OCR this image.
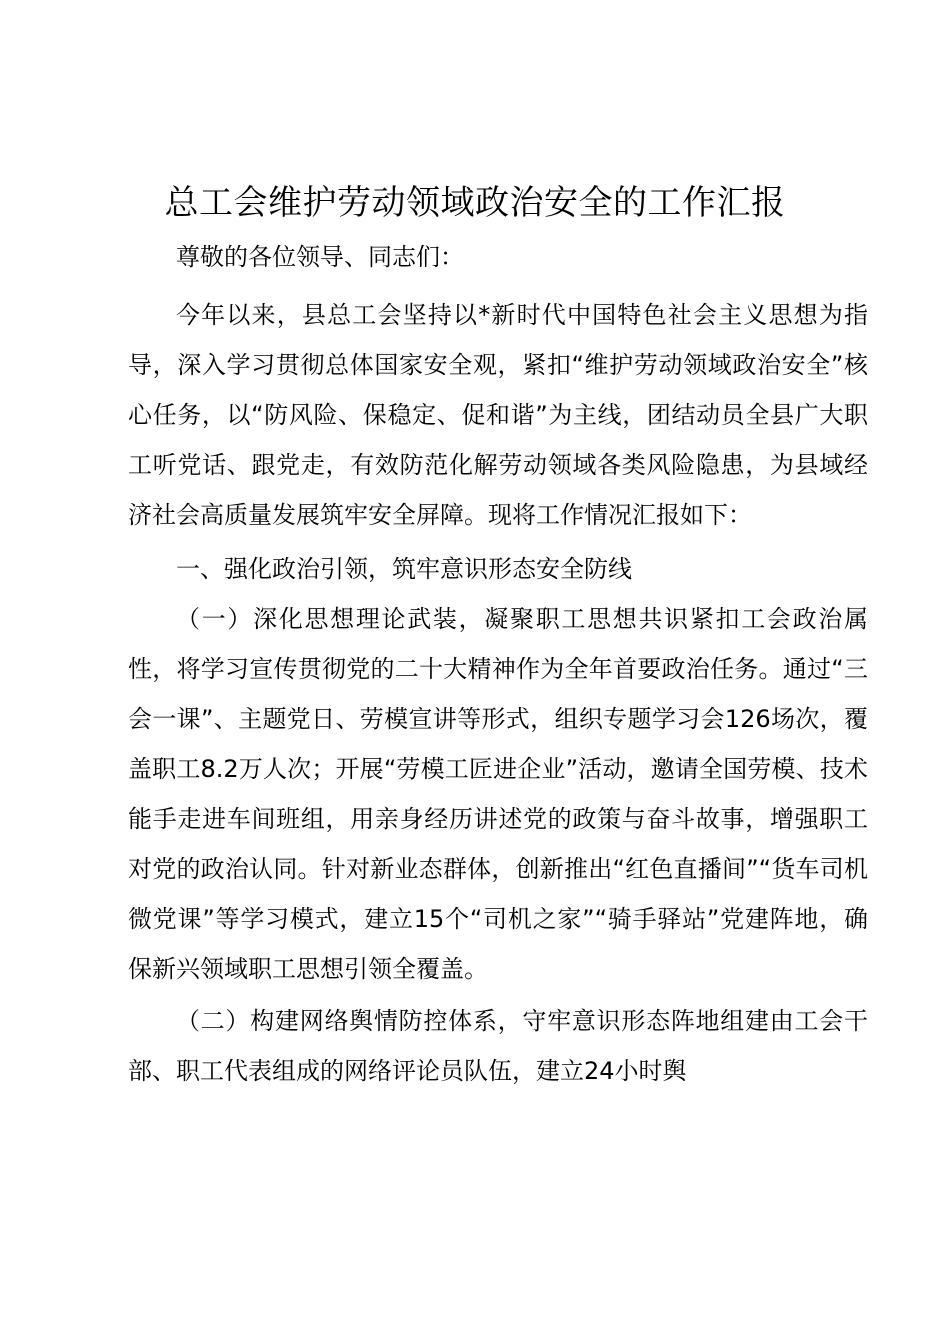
总工会维护劳动领域政治安全的工作汇报

尊敬的各位领导、同志们：

今年以来，县总工会坚持以*新时代中国特色社会主义思想为指导，深入学习贯彻总体国家安全观，紧扣“维护劳动领域政治安全”核心任务，以“防风险、保稳定、促和谐”为主线，团结动员全县广大职工听党话、跟党走，有效防范化解劳动领域各类风险隐患，为县域经济社会高质量发展筑牢安全屏障。现将工作情况汇报如下：

一、强化政治引领，筑牢意识形态安全防线

（一）深化思想理论武装，凝聚职工思想共识紧扣工会政治属性，将学习宣传贯彻党的二十大精神作为全年首要政治任务。通过“三会一课”、主题党日、劳模宣讲等形式，组织专题学习会126场次，覆盖职工8.2万人次；开展“劳模工匠进企业”活动，邀请全国劳模、技术能手走进车间班组，用亲身经历讲述党的政策与奋斗故事，增强职工对党的政治认同。针对新业态群体，创新推出“红色直播间”“货车司机微党课”等学习模式，建立15个“司机之家”“骑手驿站”党建阵地，确保新兴领域职工思想引领全覆盖。

（二）构建网络舆情防控体系，守牢意识形态阵地组建由工会干部、职工代表组成的网络评论员队伍，建立24小时舆
